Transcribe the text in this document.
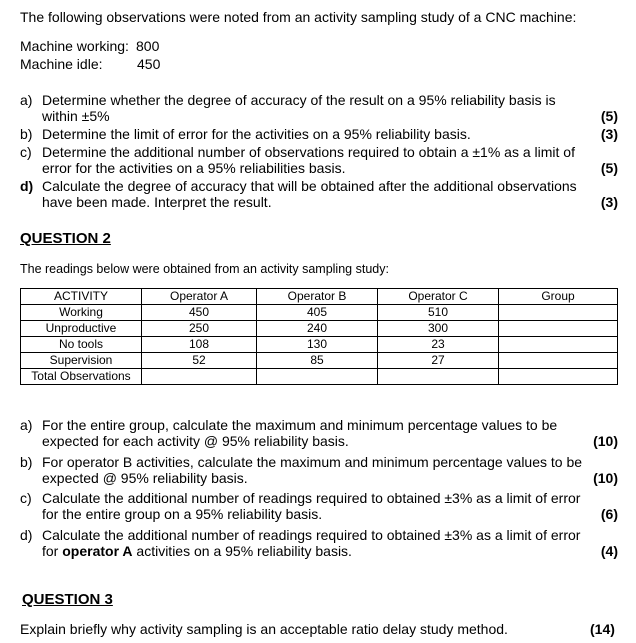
The following observations were noted from an activity sampling study of a CNC machine:
Machine working: 800
Machine idle: 450
a) Determine whether the degree of accuracy of the result on a 95% reliability basis is
within ±5%	(5)
b) Determine the limit of error for the activities on a 95% reliability basis.	(3)
c) Determine the additional number of observations required to obtain a ±1% as a limit of
error for the activities on a 95% reliabilities basis.	(5)
d) Calculate the degree of accuracy that will be obtained after the additional observations
have been made. Interpret the result.	(3)
QUESTION 2
The readings below were obtained from an activity sampling study:
ACTIVITY	Operator A	Operator B	Operator C	Group
Working	450	405	510	
Unproductive	250	240	300	
No tools	108	130	23	
Supervision	52	85	27	
Total Observations				
a) For the entire group, calculate the maximum and minimum percentage values to be
expected for each activity @ 95% reliability basis.	(10)
b) For operator B activities, calculate the maximum and minimum percentage values to be
expected @ 95% reliability basis.	(10)
c) Calculate the additional number of readings required to obtained ±3% as a limit of error
for the entire group on a 95% reliability basis.	(6)
d) Calculate the additional number of readings required to obtained ±3% as a limit of error
for operator A activities on a 95% reliability basis.	(4)
QUESTION 3
Explain briefly why activity sampling is an acceptable ratio delay study method.	(14)
